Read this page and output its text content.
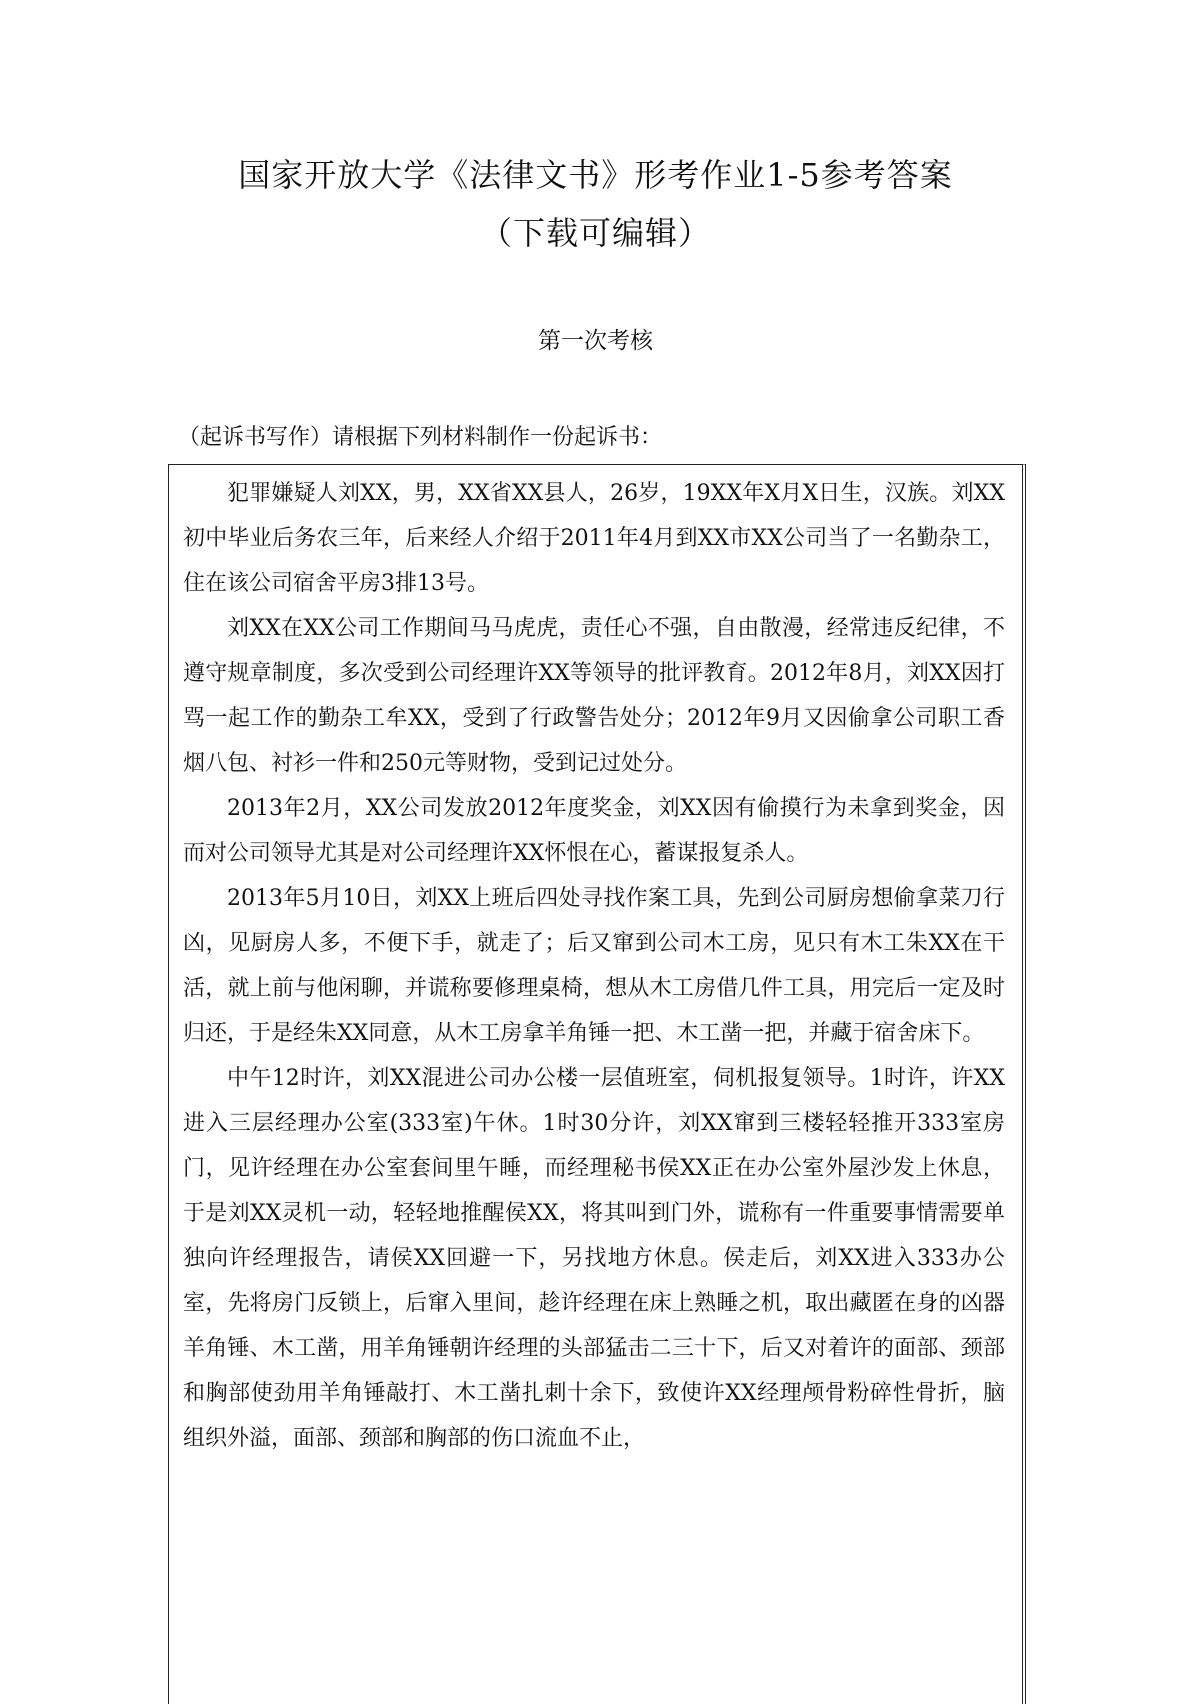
国家开放大学《法律文书》形考作业1-5参考答案
（下载可编辑）
第一次考核

（起诉书写作）请根据下列材料制作一份起诉书：

犯罪嫌疑人刘XX，男，XX省XX县人，26岁，19XX年X月X日生，汉族。刘XX初中毕业后务农三年，后来经人介绍于2011年4月到XX市XX公司当了一名勤杂工，住在该公司宿舍平房3排13号。

刘XX在XX公司工作期间马马虎虎，责任心不强，自由散漫，经常违反纪律，不遵守规章制度，多次受到公司经理许XX等领导的批评教育。2012年8月，刘XX因打骂一起工作的勤杂工牟XX，受到了行政警告处分；2012年9月又因偷拿公司职工香烟八包、衬衫一件和250元等财物，受到记过处分。

2013年2月，XX公司发放2012年度奖金，刘XX因有偷摸行为未拿到奖金，因而对公司领导尤其是对公司经理许XX怀恨在心，蓄谋报复杀人。

2013年5月10日，刘XX上班后四处寻找作案工具，先到公司厨房想偷拿菜刀行凶，见厨房人多，不便下手，就走了；后又窜到公司木工房，见只有木工朱XX在干活，就上前与他闲聊，并谎称要修理桌椅，想从木工房借几件工具，用完后一定及时归还，于是经朱XX同意，从木工房拿羊角锤一把、木工凿一把，并藏于宿舍床下。

中午12时许，刘XX混进公司办公楼一层值班室，伺机报复领导。1时许，许XX进入三层经理办公室(333室)午休。1时30分许，刘XX窜到三楼轻轻推开333室房门，见许经理在办公室套间里午睡，而经理秘书侯XX正在办公室外屋沙发上休息，于是刘XX灵机一动，轻轻地推醒侯XX，将其叫到门外，谎称有一件重要事情需要单独向许经理报告，请侯XX回避一下，另找地方休息。侯走后，刘XX进入333办公室，先将房门反锁上，后窜入里间，趁许经理在床上熟睡之机，取出藏匿在身的凶器羊角锤、木工凿，用羊角锤朝许经理的头部猛击二三十下，后又对着许的面部、颈部和胸部使劲用羊角锤敲打、木工凿扎刺十余下，致使许XX经理颅骨粉碎性骨折，脑组织外溢，面部、颈部和胸部的伤口流血不止，
